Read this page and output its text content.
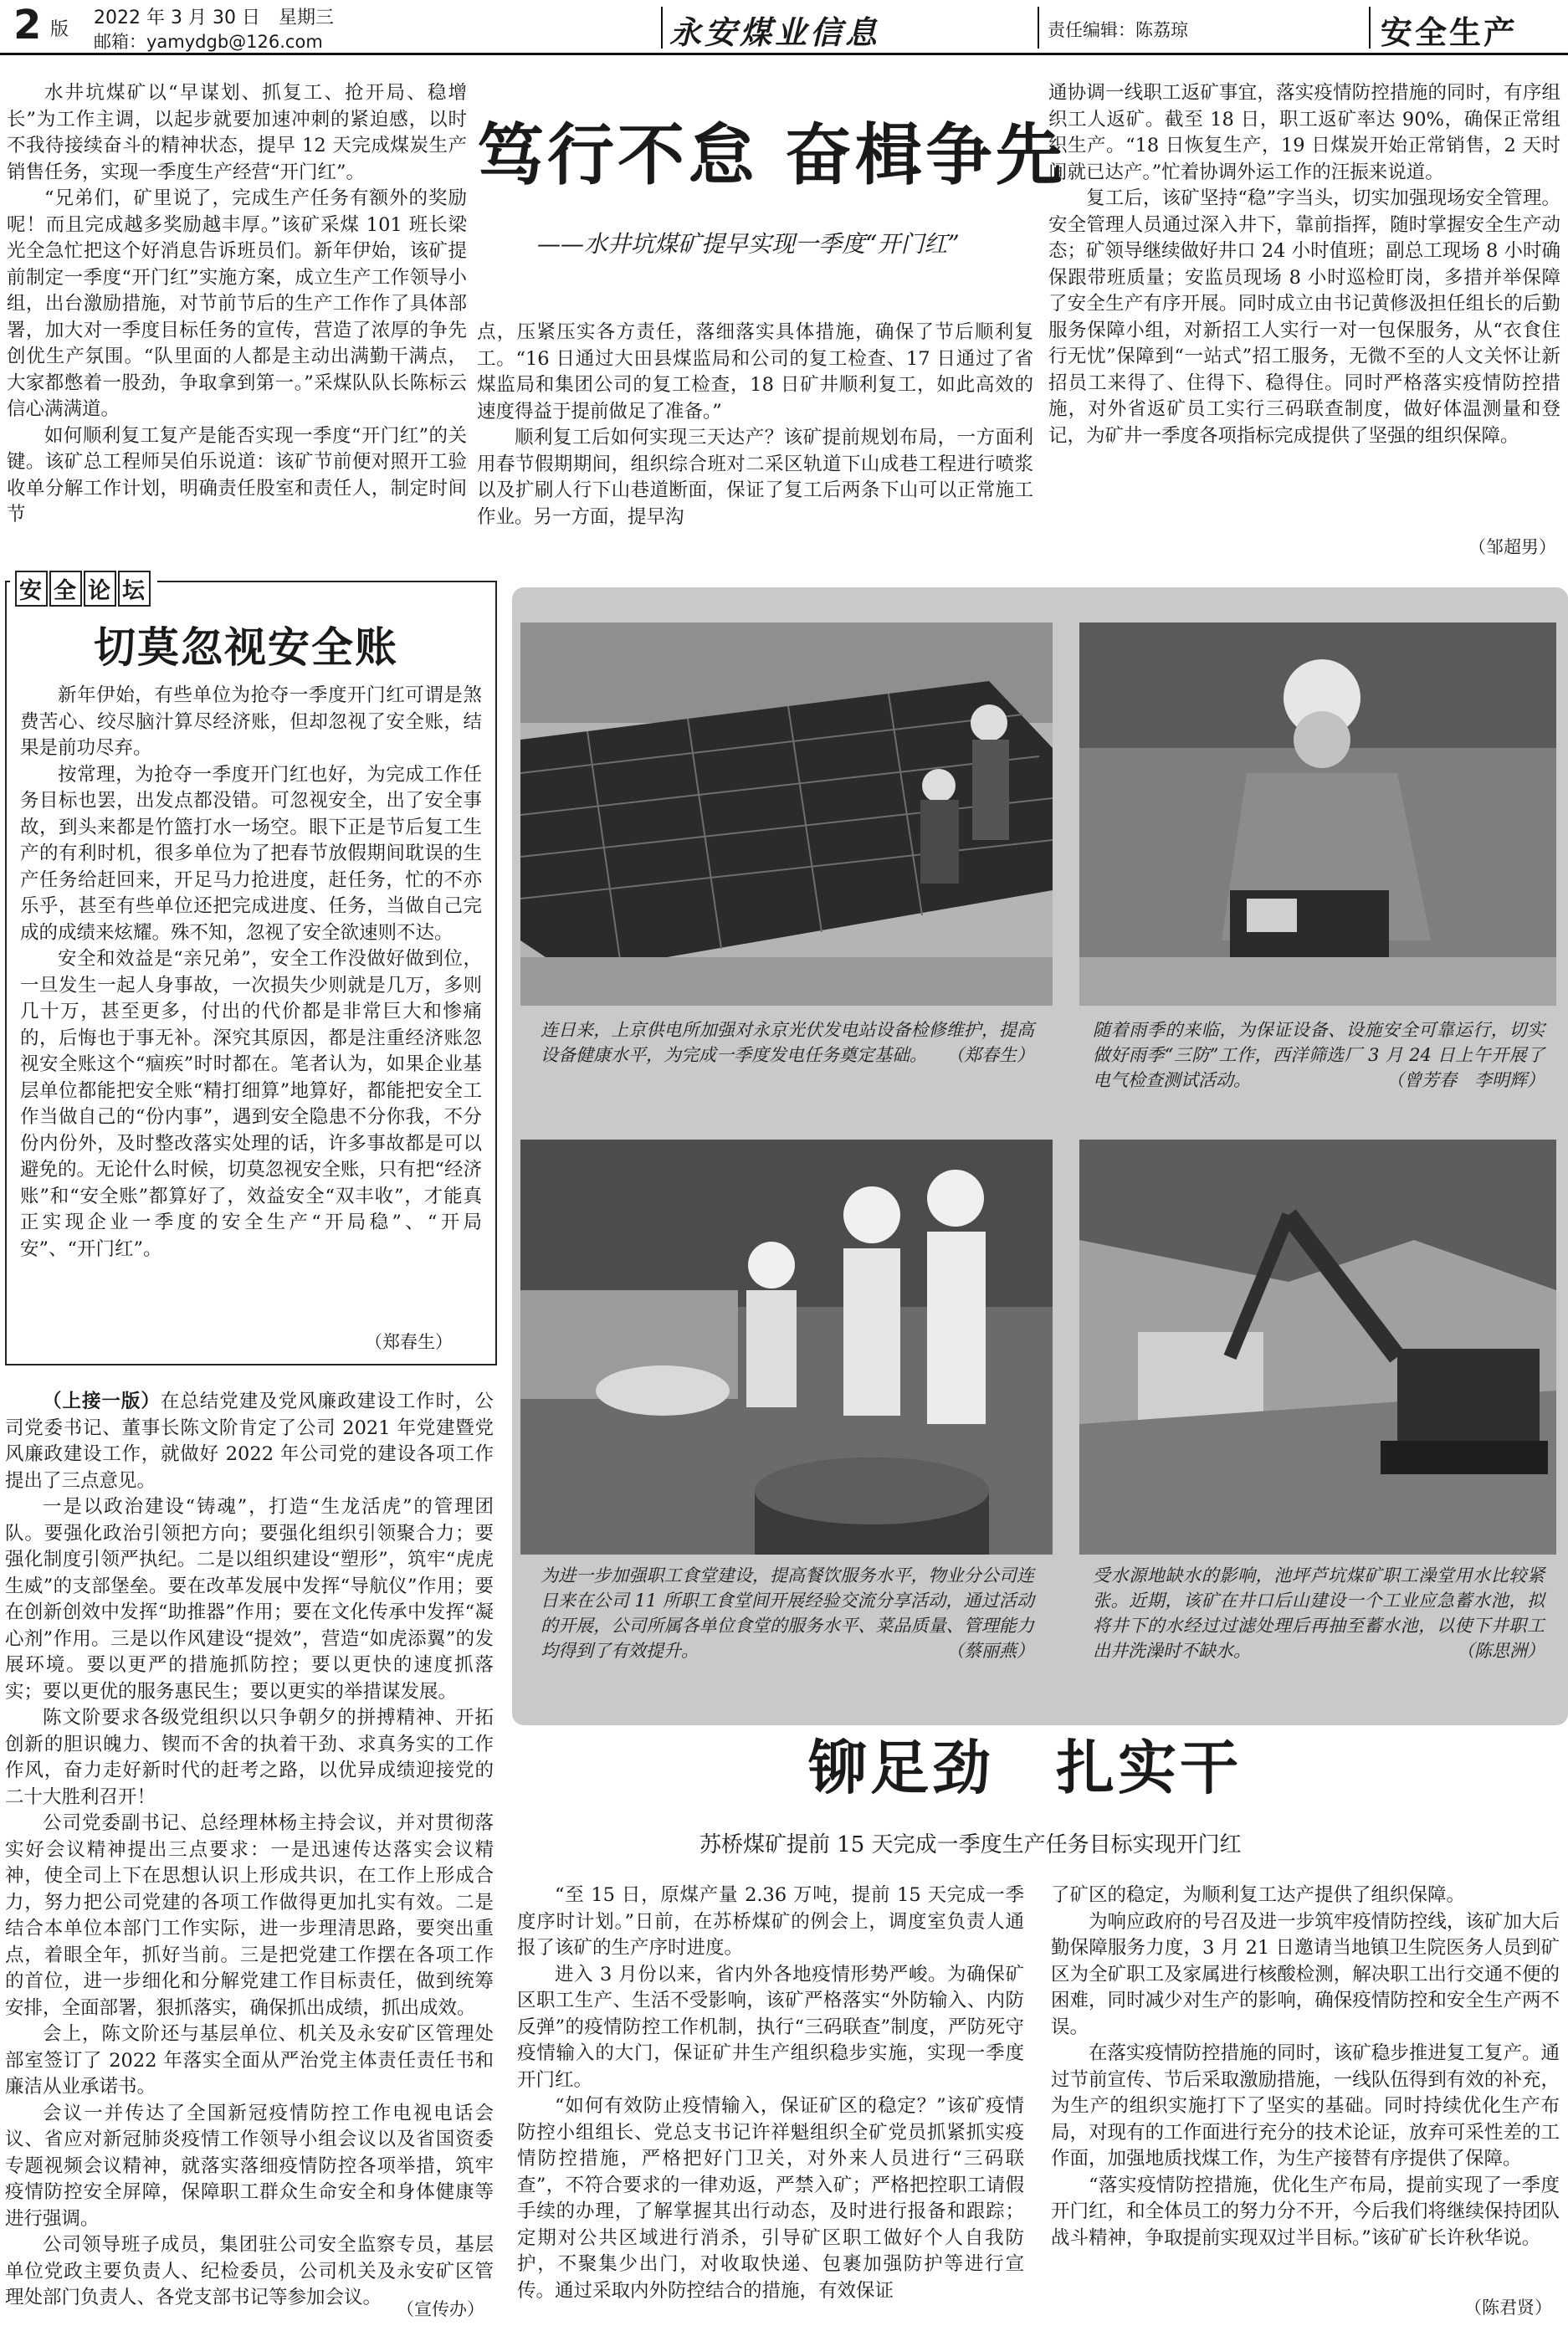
2 版
2022 年 3 月 30 日　星期三
邮箱：yamydgb@126.com	永安煤业信息	责任编辑：陈荔琼	安全生产

水井坑煤矿以“早谋划、抓复工、抢开局、稳增长”为工作主调，以起步就要加速冲刺的紧迫感，以时不我待接续奋斗的精神状态，提早 12 天完成煤炭生产销售任务，实现一季度生产经营“开门红”。

“兄弟们，矿里说了，完成生产任务有额外的奖励呢！而且完成越多奖励越丰厚。”该矿采煤 101 班长梁光全急忙把这个好消息告诉班员们。新年伊始，该矿提前制定一季度“开门红”实施方案，成立生产工作领导小组，出台激励措施，对节前节后的生产工作作了具体部署，加大对一季度目标任务的宣传，营造了浓厚的争先创优生产氛围。“队里面的人都是主动出满勤干满点，大家都憋着一股劲，争取拿到第一。”采煤队队长陈标云信心满满道。

如何顺利复工复产是能否实现一季度“开门红”的关键。该矿总工程师吴伯乐说道：该矿节前便对照开工验收单分解工作计划，明确责任股室和责任人，制定时间节

笃行不怠 奋楫争先
——水井坑煤矿提早实现一季度“开门红”

点，压紧压实各方责任，落细落实具体措施，确保了节后顺利复工。“16 日通过大田县煤监局和公司的复工检查、17 日通过了省煤监局和集团公司的复工检查，18 日矿井顺利复工，如此高效的速度得益于提前做足了准备。”

顺利复工后如何实现三天达产？该矿提前规划布局，一方面利用春节假期期间，组织综合班对二采区轨道下山成巷工程进行喷浆以及扩刷人行下山巷道断面，保证了复工后两条下山可以正常施工作业。另一方面，提早沟

通协调一线职工返矿事宜，落实疫情防控措施的同时，有序组织工人返矿。截至 18 日，职工返矿率达 90%，确保正常组织生产。“18 日恢复生产，19 日煤炭开始正常销售，2 天时间就已达产。”忙着协调外运工作的汪振来说道。

复工后，该矿坚持“稳”字当头，切实加强现场安全管理。安全管理人员通过深入井下，靠前指挥，随时掌握安全生产动态；矿领导继续做好井口 24 小时值班；副总工现场 8 小时确保跟带班质量；安监员现场 8 小时巡检盯岗，多措并举保障了安全生产有序开展。同时成立由书记黄修汲担任组长的后勤服务保障小组，对新招工人实行一对一包保服务，从“衣食住行无忧”保障到“一站式”招工服务，无微不至的人文关怀让新招员工来得了、住得下、稳得住。同时严格落实疫情防控措施，对外省返矿员工实行三码联查制度，做好体温测量和登记，为矿井一季度各项指标完成提供了坚强的组织保障。

（邹超男）
安 全 论 坛
切莫忽视安全账

新年伊始，有些单位为抢夺一季度开门红可谓是煞费苦心、绞尽脑汁算尽经济账，但却忽视了安全账，结果是前功尽弃。

按常理，为抢夺一季度开门红也好，为完成工作任务目标也罢，出发点都没错。可忽视安全，出了安全事故，到头来都是竹篮打水一场空。眼下正是节后复工生产的有利时机，很多单位为了把春节放假期间耽误的生产任务给赶回来，开足马力抢进度，赶任务，忙的不亦乐乎，甚至有些单位还把完成进度、任务，当做自己完成的成绩来炫耀。殊不知，忽视了安全欲速则不达。

安全和效益是“亲兄弟”，安全工作没做好做到位，一旦发生一起人身事故，一次损失少则就是几万，多则几十万，甚至更多，付出的代价都是非常巨大和惨痛的，后悔也于事无补。深究其原因，都是注重经济账忽视安全账这个“痼疾”时时都在。笔者认为，如果企业基层单位都能把安全账“精打细算”地算好，都能把安全工作当做自己的“份内事”，遇到安全隐患不分你我，不分份内份外，及时整改落实处理的话，许多事故都是可以避免的。无论什么时候，切莫忽视安全账，只有把“经济账”和“安全账”都算好了，效益安全“双丰收”，才能真正实现企业一季度的安全生产“开局稳”、“开局安”、“开门红”。

（郑春生）

（上接一版）在总结党建及党风廉政建设工作时，公司党委书记、董事长陈文阶肯定了公司 2021 年党建暨党风廉政建设工作，就做好 2022 年公司党的建设各项工作提出了三点意见。

一是以政治建设“铸魂”，打造“生龙活虎”的管理团队。要强化政治引领把方向；要强化组织引领聚合力；要强化制度引领严执纪。二是以组织建设“塑形”，筑牢“虎虎生威”的支部堡垒。要在改革发展中发挥“导航仪”作用；要在创新创效中发挥“助推器”作用；要在文化传承中发挥“凝心剂”作用。三是以作风建设“提效”，营造“如虎添翼”的发展环境。要以更严的措施抓防控；要以更快的速度抓落实；要以更优的服务惠民生；要以更实的举措谋发展。

陈文阶要求各级党组织以只争朝夕的拼搏精神、开拓创新的胆识魄力、锲而不舍的执着干劲、求真务实的工作作风，奋力走好新时代的赶考之路，以优异成绩迎接党的二十大胜利召开！

公司党委副书记、总经理林杨主持会议，并对贯彻落实好会议精神提出三点要求：一是迅速传达落实会议精神，使全司上下在思想认识上形成共识，在工作上形成合力，努力把公司党建的各项工作做得更加扎实有效。二是结合本单位本部门工作实际，进一步理清思路，要突出重点，着眼全年，抓好当前。三是把党建工作摆在各项工作的首位，进一步细化和分解党建工作目标责任，做到统筹安排，全面部署，狠抓落实，确保抓出成绩，抓出成效。

会上，陈文阶还与基层单位、机关及永安矿区管理处部室签订了 2022 年落实全面从严治党主体责任责任书和廉洁从业承诺书。

会议一并传达了全国新冠疫情防控工作电视电话会议、省应对新冠肺炎疫情工作领导小组会议以及省国资委专题视频会议精神，就落实落细疫情防控各项举措，筑牢疫情防控安全屏障，保障职工群众生命安全和身体健康等进行强调。

公司领导班子成员，集团驻公司安全监察专员，基层单位党政主要负责人、纪检委员，公司机关及永安矿区管理处部门负责人、各党支部书记等参加会议。

（宣传办）
连日来，上京供电所加强对永京光伏发电站设备检修维护，提高设备健康水平，为完成一季度发电任务奠定基础。 （郑春生）
随着雨季的来临，为保证设备、设施安全可靠运行，切实做好雨季“三防”工作，西洋筛选厂 3 月 24 日上午开展了电气检查测试活动。	（曾芳春　李明辉）
为进一步加强职工食堂建设，提高餐饮服务水平，物业分公司连日来在公司 11 所职工食堂间开展经验交流分享活动，通过活动的开展，公司所属各单位食堂的服务水平、菜品质量、管理能力均得到了有效提升。	（蔡丽燕）
受水源地缺水的影响，池坪芦坑煤矿职工澡堂用水比较紧张。近期，该矿在井口后山建设一个工业应急蓄水池，拟将井下的水经过过滤处理后再抽至蓄水池，以使下井职工出井洗澡时不缺水。	（陈思洲）
铆足劲　扎实干
苏桥煤矿提前 15 天完成一季度生产任务目标实现开门红

“至 15 日，原煤产量 2.36 万吨，提前 15 天完成一季度序时计划。”日前，在苏桥煤矿的例会上，调度室负责人通报了该矿的生产序时进度。

进入 3 月份以来，省内外各地疫情形势严峻。为确保矿区职工生产、生活不受影响，该矿严格落实“外防输入、内防反弹”的疫情防控工作机制，执行“三码联查”制度，严防死守疫情输入的大门，保证矿井生产组织稳步实施，实现一季度开门红。

“如何有效防止疫情输入，保证矿区的稳定？”该矿疫情防控小组组长、党总支书记许祥魁组织全矿党员抓紧抓实疫情防控措施，严格把好门卫关，对外来人员进行“三码联查”，不符合要求的一律劝返，严禁入矿；严格把控职工请假手续的办理，了解掌握其出行动态，及时进行报备和跟踪；定期对公共区域进行消杀，引导矿区职工做好个人自我防护，不聚集少出门，对收取快递、包裹加强防护等进行宣传。通过采取内外防控结合的措施，有效保证

了矿区的稳定，为顺利复工达产提供了组织保障。

为响应政府的号召及进一步筑牢疫情防控线，该矿加大后勤保障服务力度，3 月 21 日邀请当地镇卫生院医务人员到矿区为全矿职工及家属进行核酸检测，解决职工出行交通不便的困难，同时减少对生产的影响，确保疫情防控和安全生产两不误。

在落实疫情防控措施的同时，该矿稳步推进复工复产。通过节前宣传、节后采取激励措施，一线队伍得到有效的补充，为生产的组织实施打下了坚实的基础。同时持续优化生产布局，对现有的工作面进行充分的技术论证，放弃可采性差的工作面，加强地质找煤工作，为生产接替有序提供了保障。

“落实疫情防控措施，优化生产布局，提前实现了一季度开门红，和全体员工的努力分不开，今后我们将继续保持团队战斗精神，争取提前实现双过半目标。”该矿矿长许秋华说。

（陈君贤）
